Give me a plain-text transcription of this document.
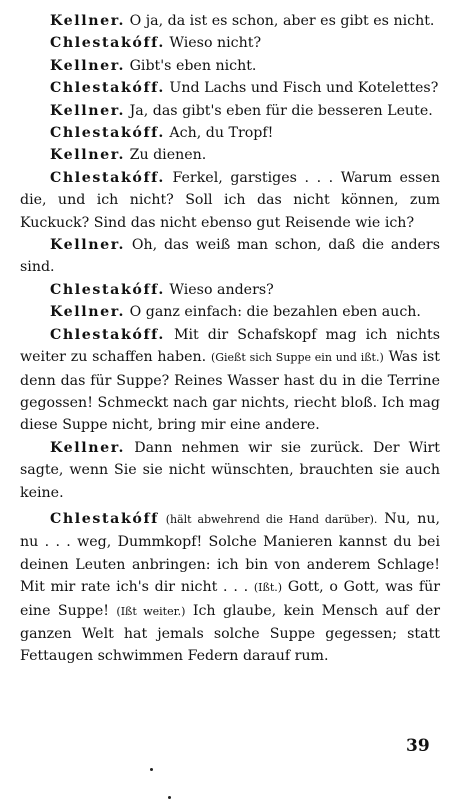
Kellner. O ja, da ist es schon, aber es gibt es nicht.

Chlestakóff. Wieso nicht?

Kellner. Gibt's eben nicht.

Chlestakóff. Und Lachs und Fisch und Kotelettes?

Kellner. Ja, das gibt's eben für die besseren Leute.

Chlestakóff. Ach, du Tropf!

Kellner. Zu dienen.

Chlestakóff. Ferkel, garstiges . . . Warum essen die, und ich nicht? Soll ich das nicht können, zum Kuckuck? Sind das nicht ebenso gut Reisende wie ich?

Kellner. Oh, das weiß man schon, daß die anders sind.

Chlestakóff. Wieso anders?

Kellner. O ganz einfach: die bezahlen eben auch.

Chlestakóff. Mit dir Schafskopf mag ich nichts weiter zu schaffen haben. (Gießt sich Suppe ein und ißt.) Was ist denn das für Suppe? Reines Wasser hast du in die Terrine gegossen! Schmeckt nach gar nichts, riecht bloß. Ich mag diese Suppe nicht, bring mir eine andere.

Kellner. Dann nehmen wir sie zurück. Der Wirt sagte, wenn Sie sie nicht wünschten, brauchten sie auch keine.

Chlestakóff (hält abwehrend die Hand darüber). Nu, nu, nu . . . weg, Dummkopf! Solche Manieren kannst du bei deinen Leuten anbringen: ich bin von anderem Schlage! Mit mir rate ich's dir nicht . . . (Ißt.) Gott, o Gott, was für eine Suppe! (Ißt weiter.) Ich glaube, kein Mensch auf der ganzen Welt hat jemals solche Suppe gegessen; statt Fettaugen schwimmen Federn darauf rum.

39
